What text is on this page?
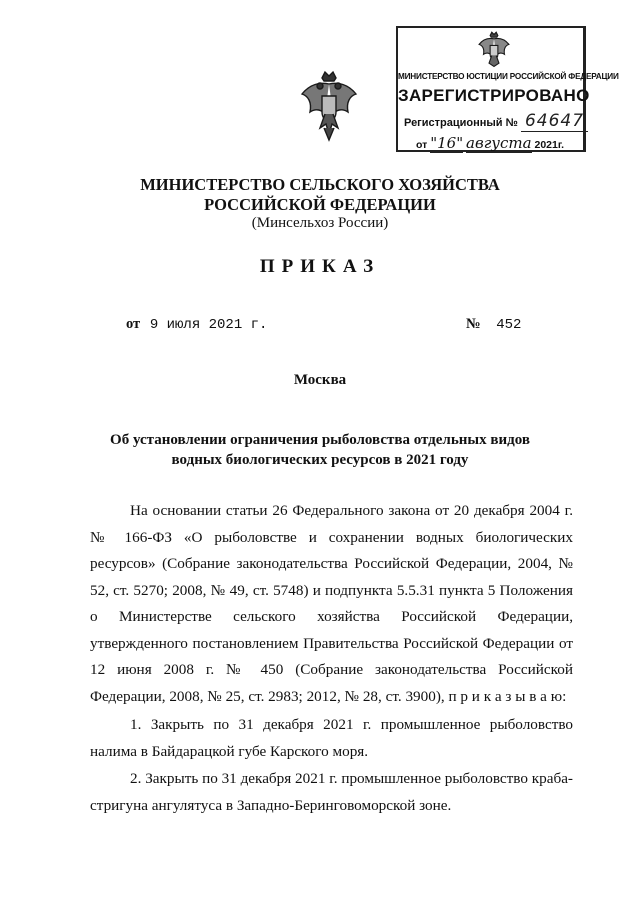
МИНИСТЕРСТВО ЮСТИЦИИ РОССИЙСКОЙ ФЕДЕРАЦИИ
ЗАРЕГИСТРИРОВАНО
Регистрационный № 64647
от "16" августа 2021г.
МИНИСТЕРСТВО СЕЛЬСКОГО ХОЗЯЙСТВА
РОССИЙСКОЙ ФЕДЕРАЦИИ
(Минсельхоз России)
ПРИКАЗ
от 9 июля 2021 г.	№ 452
Москва
Об установлении ограничения рыболовства отдельных видов
водных биологических ресурсов в 2021 году
На основании статьи 26 Федерального закона от 20 декабря 2004 г. № 166-ФЗ «О рыболовстве и сохранении водных биологических ресурсов» (Собрание законодательства Российской Федерации, 2004, № 52, ст. 5270; 2008, № 49, ст. 5748) и подпункта 5.5.31 пункта 5 Положения о Министерстве сельского хозяйства Российской Федерации, утвержденного постановлением Правительства Российской Федерации от 12 июня 2008 г. № 450 (Собрание законодательства Российской Федерации, 2008, № 25, ст. 2983; 2012, № 28, ст. 3900), п р и к а з ы в а ю:
1. Закрыть по 31 декабря 2021 г. промышленное рыболовство налима в Байдарацкой губе Карского моря.
2. Закрыть по 31 декабря 2021 г. промышленное рыболовство краба-стригуна ангулятуса в Западно-Беринговоморской зоне.
